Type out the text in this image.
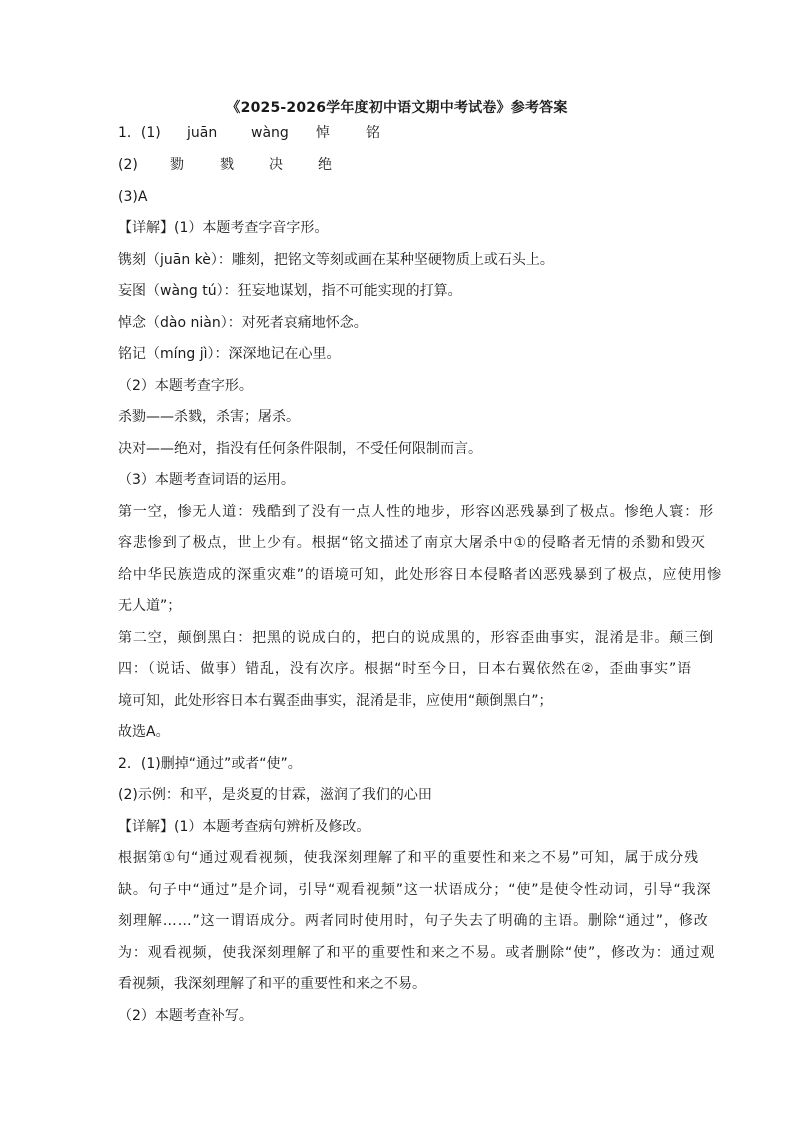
《2025-2026学年度初中语文期中考试卷》参考答案
1．(1) juān wàng 悼	铭
(2) 勠	戮	决	绝
(3)A
【详解】(1）本题考查字音字形。
镌刻（juān kè）：雕刻，把铭文等刻或画在某种坚硬物质上或石头上。
妄图（wàng tú）：狂妄地谋划，指不可能实现的打算。
悼念（dào niàn）：对死者哀痛地怀念。
铭记（míng jì）：深深地记在心里。
（2）本题考查字形。
杀勠——杀戮，杀害；屠杀。
决对——绝对，指没有任何条件限制，不受任何限制而言。
（3）本题考查词语的运用。
第一空，惨无人道：残酷到了没有一点人性的地步，形容凶恶残暴到了极点。惨绝人寰：形
容悲惨到了极点，世上少有。根据“铭文描述了南京大屠杀中①的侵略者无情的杀勠和毁灭
给中华民族造成的深重灾难”的语境可知，此处形容日本侵略者凶恶残暴到了极点，应使用惨
无人道”；
第二空，颠倒黑白：把黑的说成白的，把白的说成黑的，形容歪曲事实，混淆是非。颠三倒
四：（说话、做事）错乱，没有次序。根据“时至今日，日本右翼依然在②，歪曲事实”语
境可知，此处形容日本右翼歪曲事实，混淆是非，应使用“颠倒黑白”；
故选A。
2．(1)删掉“通过”或者“使”。
(2)示例：和平，是炎夏的甘霖，滋润了我们的心田
【详解】(1）本题考查病句辨析及修改。
根据第①句“通过观看视频，使我深刻理解了和平的重要性和来之不易”可知，属于成分残
缺。句子中“通过”是介词，引导“观看视频”这一状语成分；“使”是使令性动词，引导“我深
刻理解……”这一谓语成分。两者同时使用时，句子失去了明确的主语。删除“通过”，修改
为：观看视频，使我深刻理解了和平的重要性和来之不易。或者删除“使”，修改为：通过观
看视频，我深刻理解了和平的重要性和来之不易。
（2）本题考查补写。
